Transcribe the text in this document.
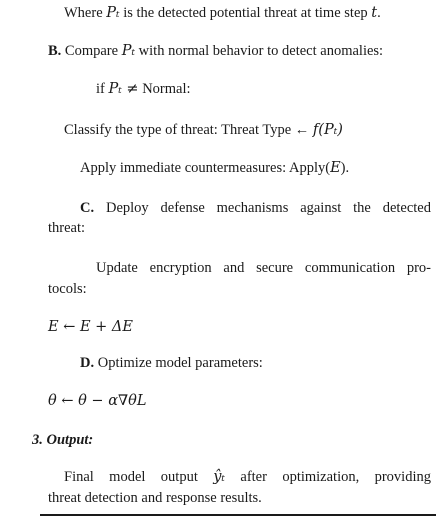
Where Pₜ is the detected potential threat at time step t.
B. Compare Pₜ with normal behavior to detect anomalies:
if Pₜ ≠ Normal:
Classify the type of threat: Threat Type ← f(Pₜ)
Apply immediate countermeasures: Apply(E).
C. Deploy defense mechanisms against the detected
threat:
Update encryption and secure communication pro-
tocols:
E ← E + ΔE
D. Optimize model parameters:
θ ← θ − α∇θL
3. Output:
Final model output ŷₜ after optimization, providing
threat detection and response results.
